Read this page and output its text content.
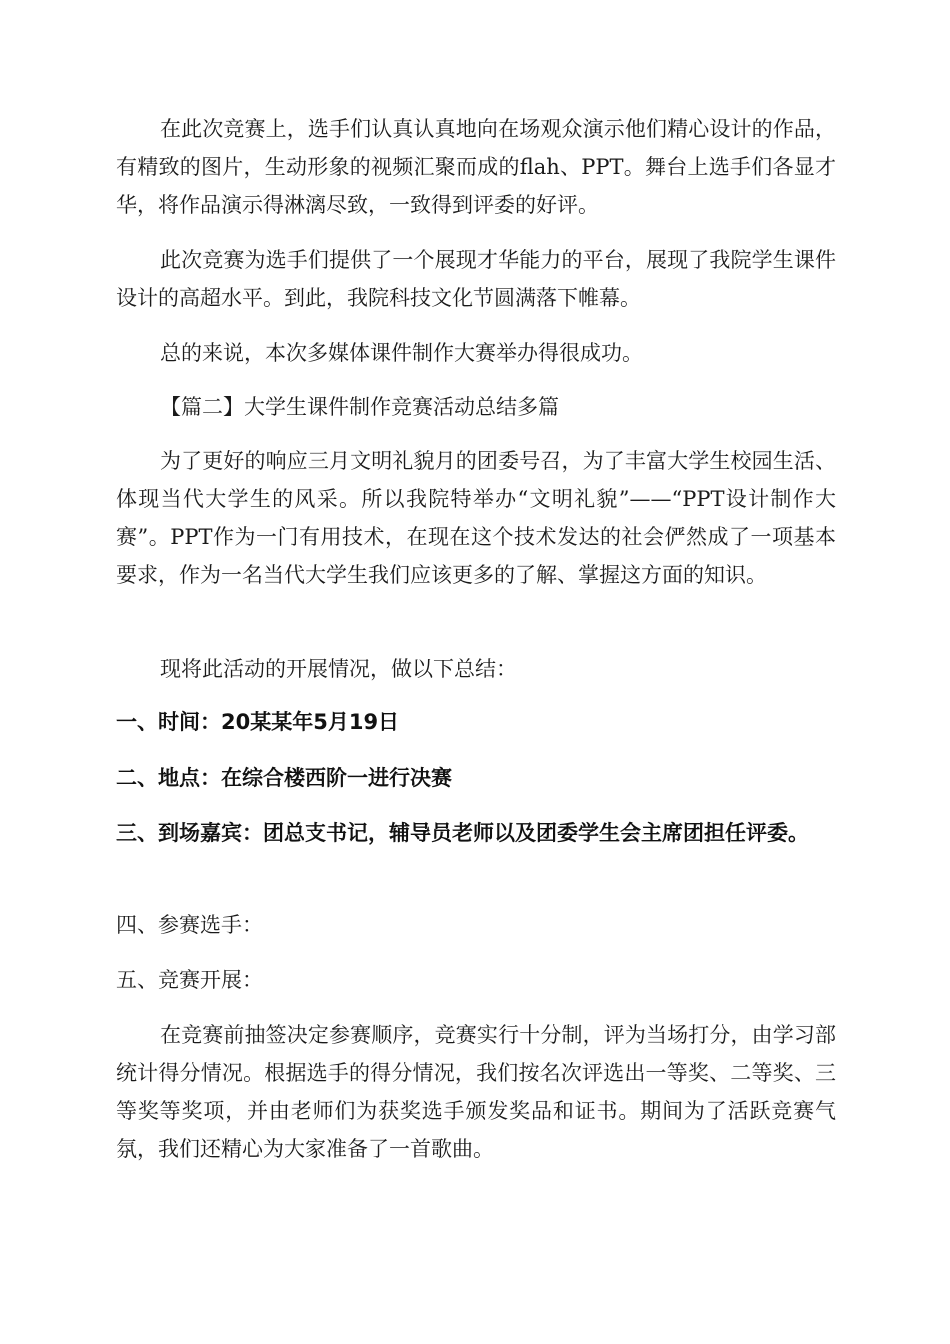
在此次竞赛上，选手们认真认真地向在场观众演示他们精心设计的作品，有精致的图片，生动形象的视频汇聚而成的flah、PPT。舞台上选手们各显才华，将作品演示得淋漓尽致，一致得到评委的好评。

此次竞赛为选手们提供了一个展现才华能力的平台，展现了我院学生课件设计的高超水平。到此，我院科技文化节圆满落下帷幕。

总的来说，本次多媒体课件制作大赛举办得很成功。

【篇二】大学生课件制作竞赛活动总结多篇

为了更好的响应三月文明礼貌月的团委号召，为了丰富大学生校园生活、体现当代大学生的风采。所以我院特举办“文明礼貌”——“PPT设计制作大赛”。PPT作为一门有用技术，在现在这个技术发达的社会俨然成了一项基本要求，作为一名当代大学生我们应该更多的了解、掌握这方面的知识。

现将此活动的开展情况，做以下总结：

一、时间：20某某年5月19日

二、地点：在综合楼西阶一进行决赛

三、到场嘉宾：团总支书记，辅导员老师以及团委学生会主席团担任评委。

四、参赛选手：

五、竞赛开展：

在竞赛前抽签决定参赛顺序，竞赛实行十分制，评为当场打分，由学习部统计得分情况。根据选手的得分情况，我们按名次评选出一等奖、二等奖、三等奖等奖项，并由老师们为获奖选手颁发奖品和证书。期间为了活跃竞赛气氛，我们还精心为大家准备了一首歌曲。
